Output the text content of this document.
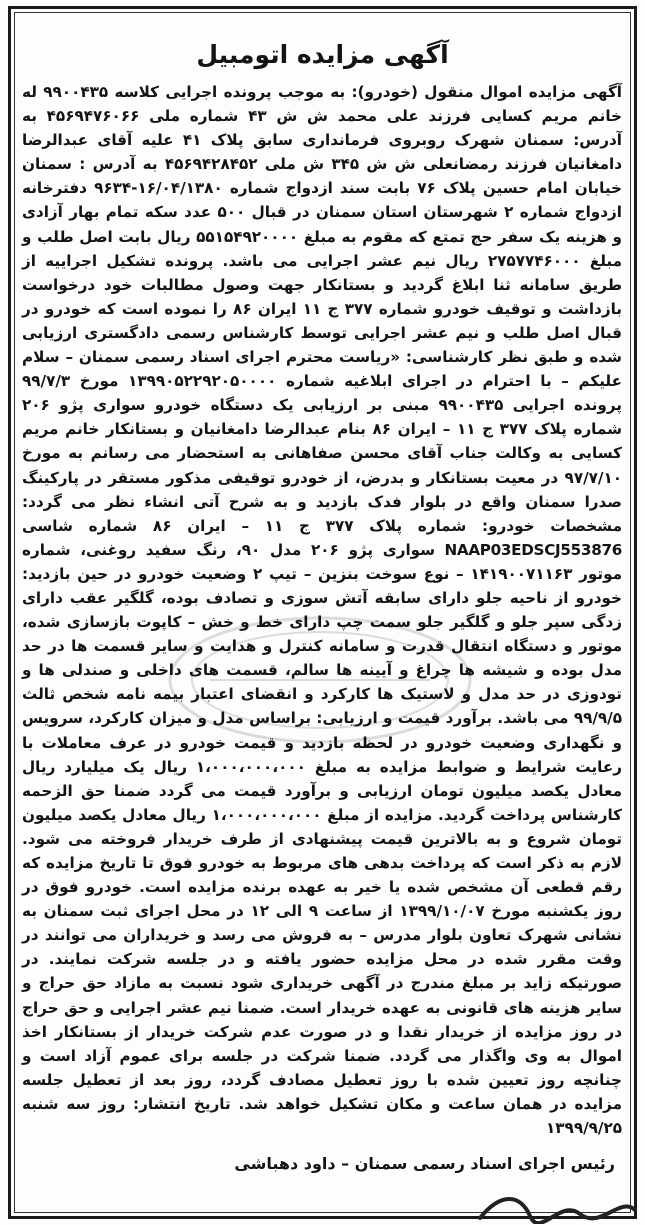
آگهی مزایده اتومبیل

آگهی مزایده اموال منقول (خودرو): به موجب پرونده اجرایی کلاسه ۹۹۰۰۴۳۵ له خانم مریم کسایی فرزند علی محمد ش ش ۴۳ شماره ملی ۴۵۶۹۴۷۶۰۶۶ به آدرس: سمنان شهرک روبروی فرمانداری سابق پلاک ۴۱ علیه آقای عبدالرضا دامغانیان فرزند رمضانعلی ش ش ۳۴۵ ش ملی ۴۵۶۹۴۲۸۴۵۲ به آدرس : سمنان خیابان امام حسین پلاک ۷۶ بابت سند ازدواج شماره ۱۶/۰۴/۱۳۸۰-۹۶۳۴ دفترخانه ازدواج شماره ۲ شهرستان استان سمنان در قبال ۵۰۰ عدد سکه تمام بهار آزادی و هزینه یک سفر حج تمتع که مقوم به مبلغ ۵۵۱۵۴۹۲۰۰۰۰ ریال بابت اصل طلب و مبلغ ۲۷۵۷۷۴۶۰۰۰ ریال نیم عشر اجرایی می باشد. پرونده تشکیل اجراییه از طریق سامانه ثنا ابلاغ گردید و بستانکار جهت وصول مطالبات خود درخواست بازداشت و توقیف خودرو شماره ۳۷۷ ج ۱۱ ایران ۸۶ را نموده است که خودرو در قبال اصل طلب و نیم عشر اجرایی توسط کارشناس رسمی دادگستری ارزیابی شده و طبق نظر کارشناسی: «ریاست محترم اجرای اسناد رسمی سمنان – سلام علیکم – با احترام در اجرای ابلاغیه شماره ۱۳۹۹۰۵۲۲۹۲۰۵۰۰۰۰ مورخ ۹۹/۷/۳ پرونده اجرایی ۹۹۰۰۴۳۵ مبنی بر ارزیابی یک دستگاه خودرو سواری پژو ۲۰۶ شماره پلاک ۳۷۷ ج ۱۱ – ایران ۸۶ بنام عبدالرضا دامغانیان و بستانکار خانم مریم کسایی به وکالت جناب آقای محسن صفاهانی به استحضار می رسانم به مورخ ۹۷/۷/۱۰ در معیت بستانکار و بدرض، از خودرو توقیفی مذکور مستقر در پارکینگ صدرا سمنان واقع در بلوار فدک بازدید و به شرح آتی انشاء نظر می گردد: مشخصات خودرو: شماره پلاک ۳۷۷ ج ۱۱ – ایران ۸۶ شماره شاسی NAAP03EDSCJ553876 سواری پژو ۲۰۶ مدل ۹۰، رنگ سفید روغنی، شماره موتور ۱۴۱۹۰۰۷۱۱۶۳ – نوع سوخت بنزین – تیپ ۲ وضعیت خودرو در حین بازدید: خودرو از ناحیه جلو دارای سابقه آتش سوزی و تصادف بوده، گلگیر عقب دارای زدگی سپر جلو و گلگیر جلو سمت چپ دارای خط و خش – کاپوت بازسازی شده، موتور و دستگاه انتقال قدرت و سامانه کنترل و هدایت و سایر قسمت ها در حد مدل بوده و شیشه ها چراغ و آیینه ها سالم، قسمت های داخلی و صندلی ها و تودوزی در حد مدل و لاستیک ها کارکرد و انقضای اعتبار بیمه نامه شخص ثالث ۹۹/۹/۵ می باشد. برآورد قیمت و ارزیابی: براساس مدل و میزان کارکرد، سرویس و نگهداری وضعیت خودرو در لحظه بازدید و قیمت خودرو در عرف معاملات با رعایت شرایط و ضوابط مزایده به مبلغ ۱،۰۰۰،۰۰۰،۰۰۰ ریال یک میلیارد ریال معادل یکصد میلیون تومان ارزیابی و برآورد قیمت می گردد ضمنا حق الزحمه کارشناس پرداخت گردید. مزایده از مبلغ ۱،۰۰۰،۰۰۰،۰۰۰ ریال معادل یکصد میلیون تومان شروع و به بالاترین قیمت پیشنهادی از طرف خریدار فروخته می شود. لازم به ذکر است که پرداخت بدهی های مربوط به خودرو فوق تا تاریخ مزایده که رقم قطعی آن مشخص شده یا خیر به عهده برنده مزایده است. خودرو فوق در روز یکشنبه مورخ ۱۳۹۹/۱۰/۰۷ از ساعت ۹ الی ۱۲ در محل اجرای ثبت سمنان به نشانی شهرک تعاون بلوار مدرس – به فروش می رسد و خریداران می توانند در وقت مقرر شده در محل مزایده حضور یافته و در جلسه شرکت نمایند. در صورتیکه زاید بر مبلغ مندرج در آگهی خریداری شود نسبت به مازاد حق حراج و سایر هزینه های قانونی به عهده خریدار است. ضمنا نیم عشر اجرایی و حق حراج در روز مزایده از خریدار نقدا و در صورت عدم شرکت خریدار از بستانکار اخذ اموال به وی واگذار می گردد. ضمنا شرکت در جلسه برای عموم آزاد است و چنانچه روز تعیین شده با روز تعطیل مصادف گردد، روز بعد از تعطیل جلسه مزایده در همان ساعت و مکان تشکیل خواهد شد. تاریخ انتشار: روز سه شنبه ۱۳۹۹/۹/۲۵

رئیس اجرای اسناد رسمی سمنان – داود دهباشی
